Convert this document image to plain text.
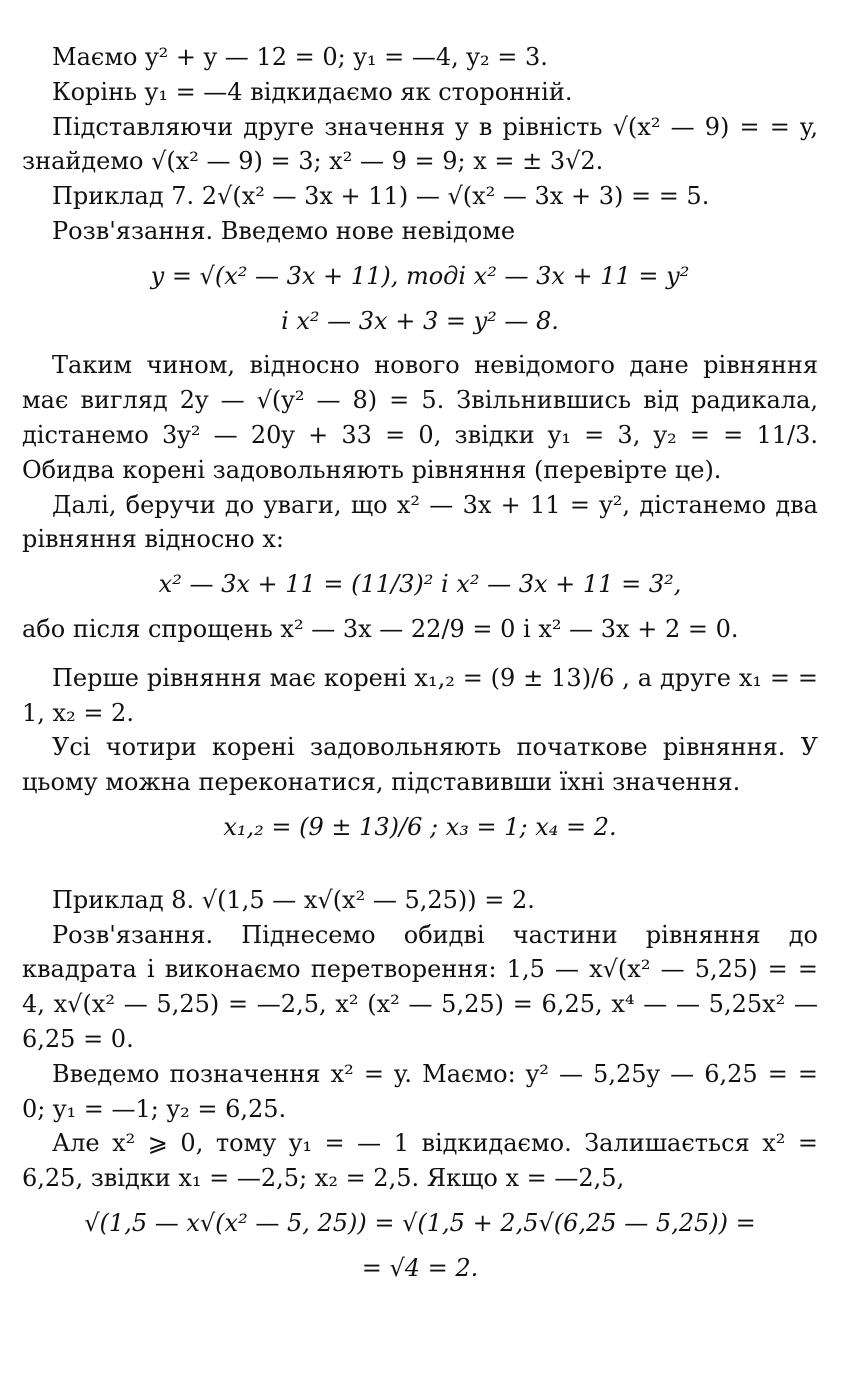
Маємо y² + y — 12 = 0; y₁ = —4, y₂ = 3.

Корінь y₁ = —4 відкидаємо як сторонній.

Підставляючи друге значення y в рівність √(x² — 9) = = y, знайдемо √(x² — 9) = 3; x² — 9 = 9; x = ± 3√2.

Приклад 7. 2√(x² — 3x + 11) — √(x² — 3x + 3) = = 5.

Розв'язання. Введемо нове невідоме

y = √(x² — 3x + 11), тоді x² — 3x + 11 = y²

і x² — 3x + 3 = y² — 8.

Таким чином, відносно нового невідомого дане рівняння має вигляд 2y — √(y² — 8) = 5. Звільнившись від радикала, дістанемо 3y² — 20y + 33 = 0, звідки y₁ = 3, y₂ = = 11/3. Обидва корені задовольняють рівняння (перевірте це).

Далі, беручи до уваги, що x² — 3x + 11 = y², дістанемо два рівняння відносно x:

x² — 3x + 11 = (11/3)² і x² — 3x + 11 = 3²,

або після спрощень x² — 3x — 22/9 = 0 і x² — 3x + 2 = 0.

Перше рівняння має корені x₁,₂ = (9 ± 13)/6 , а друге x₁ = = 1, x₂ = 2.

Усі чотири корені задовольняють початкове рівняння. У цьому можна переконатися, підставивши їхні значення.

x₁,₂ = (9 ± 13)/6 ; x₃ = 1; x₄ = 2.

Приклад 8. √(1,5 — x√(x² — 5,25)) = 2.

Розв'язання. Піднесемо обидві частини рівняння до квадрата і виконаємо перетворення: 1,5 — x√(x² — 5,25) = = 4, x√(x² — 5,25) = —2,5, x² (x² — 5,25) = 6,25, x⁴ — — 5,25x² — 6,25 = 0.

Введемо позначення x² = y. Маємо: y² — 5,25y — 6,25 = = 0; y₁ = —1; y₂ = 6,25.

Але x² ⩾ 0, тому y₁ = — 1 відкидаємо. Залишається x² = 6,25, звідки x₁ = —2,5; x₂ = 2,5. Якщо x = —2,5,

√(1,5 — x√(x² — 5, 25)) = √(1,5 + 2,5√(6,25 — 5,25)) =

= √4 = 2.
